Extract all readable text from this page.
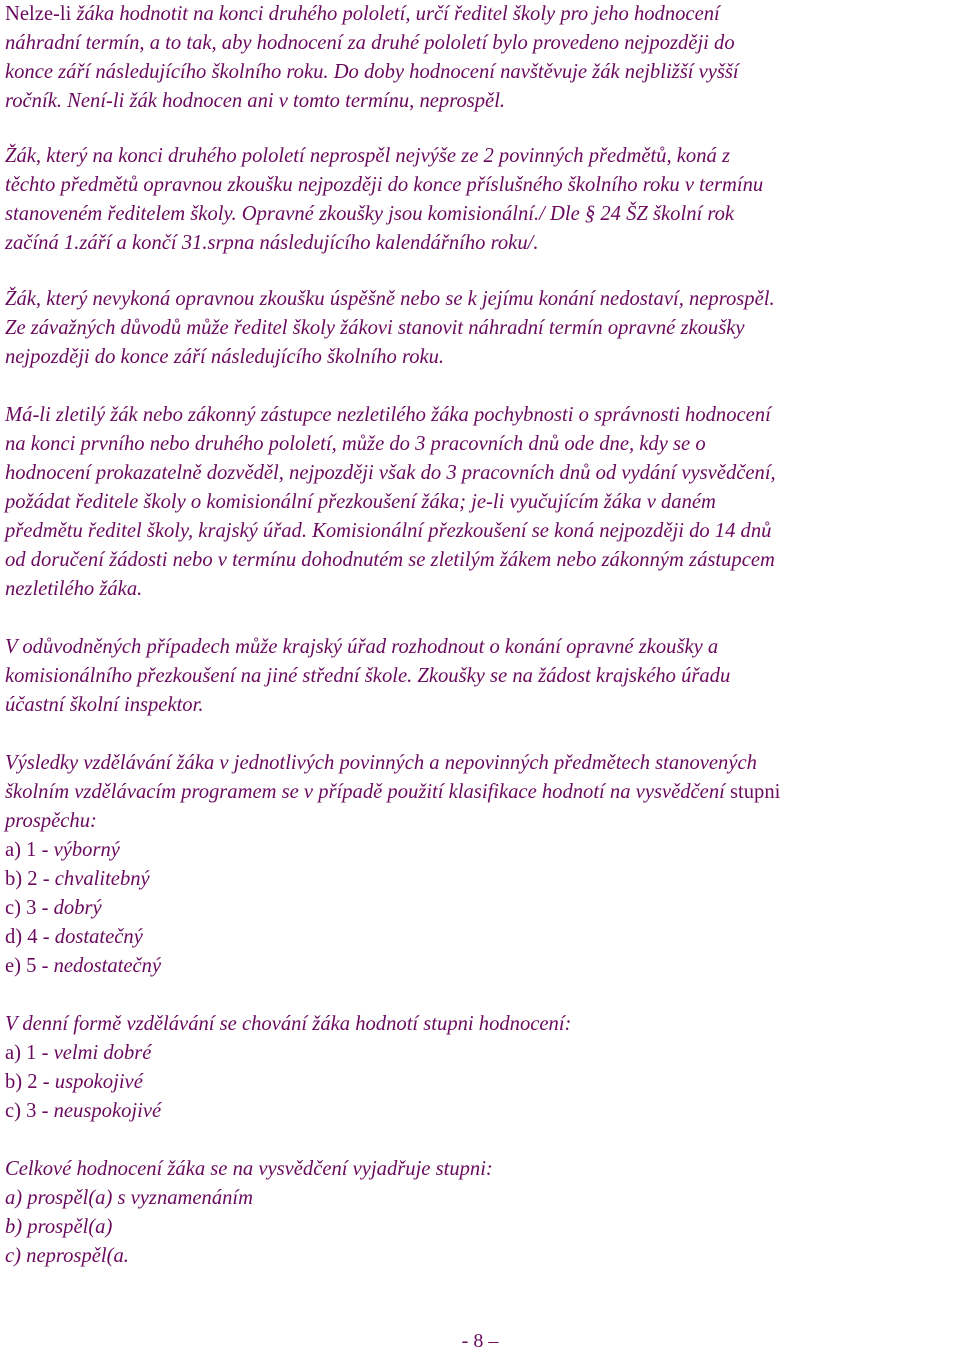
Nelze-li žáka hodnotit na konci druhého pololetí, určí ředitel školy pro jeho hodnocení
náhradní termín, a to tak, aby hodnocení za druhé pololetí bylo provedeno nejpozději do
konce září následujícího školního roku. Do doby hodnocení navštěvuje žák nejbližší vyšší
ročník. Není-li žák hodnocen ani v tomto termínu, neprospěl.
Žák, který na konci druhého pololetí neprospěl nejvýše ze 2 povinných předmětů, koná z
těchto předmětů opravnou zkoušku nejpozději do konce příslušného školního roku v termínu
stanoveném ředitelem školy. Opravné zkoušky jsou komisionální./ Dle § 24 ŠZ školní rok
začíná 1.září a končí 31.srpna následujícího kalendářního roku/.
Žák, který nevykoná opravnou zkoušku úspěšně nebo se k jejímu konání nedostaví, neprospěl.
Ze závažných důvodů může ředitel školy žákovi stanovit náhradní termín opravné zkoušky
nejpozději do konce září následujícího školního roku.
Má-li zletilý žák nebo zákonný zástupce nezletilého žáka pochybnosti o správnosti hodnocení
na konci prvního nebo druhého pololetí, může do 3 pracovních dnů ode dne, kdy se o
hodnocení prokazatelně dozvěděl, nejpozději však do 3 pracovních dnů od vydání vysvědčení,
požádat ředitele školy o komisionální přezkoušení žáka; je-li vyučujícím žáka v daném
předmětu ředitel školy, krajský úřad. Komisionální přezkoušení se koná nejpozději do 14 dnů
od doručení žádosti nebo v termínu dohodnutém se zletilým žákem nebo zákonným zástupcem
nezletilého žáka.
V odůvodněných případech může krajský úřad rozhodnout o konání opravné zkoušky a
komisionálního přezkoušení na jiné střední škole. Zkoušky se na žádost krajského úřadu
účastní školní inspektor.
Výsledky vzdělávání žáka v jednotlivých povinných a nepovinných předmětech stanovených
školním vzdělávacím programem se v případě použití klasifikace hodnotí na vysvědčení stupni
prospěchu:
a) 1 - výborný
b) 2 - chvalitebný
c) 3 - dobrý
d) 4 - dostatečný
e) 5 - nedostatečný
V denní formě vzdělávání se chování žáka hodnotí stupni hodnocení:
a) 1 - velmi dobré
b) 2 - uspokojivé
c) 3 - neuspokojivé
Celkové hodnocení žáka se na vysvědčení vyjadřuje stupni:
a) prospěl(a) s vyznamenáním
b) prospěl(a)
c) neprospěl(a.
- 8 –
